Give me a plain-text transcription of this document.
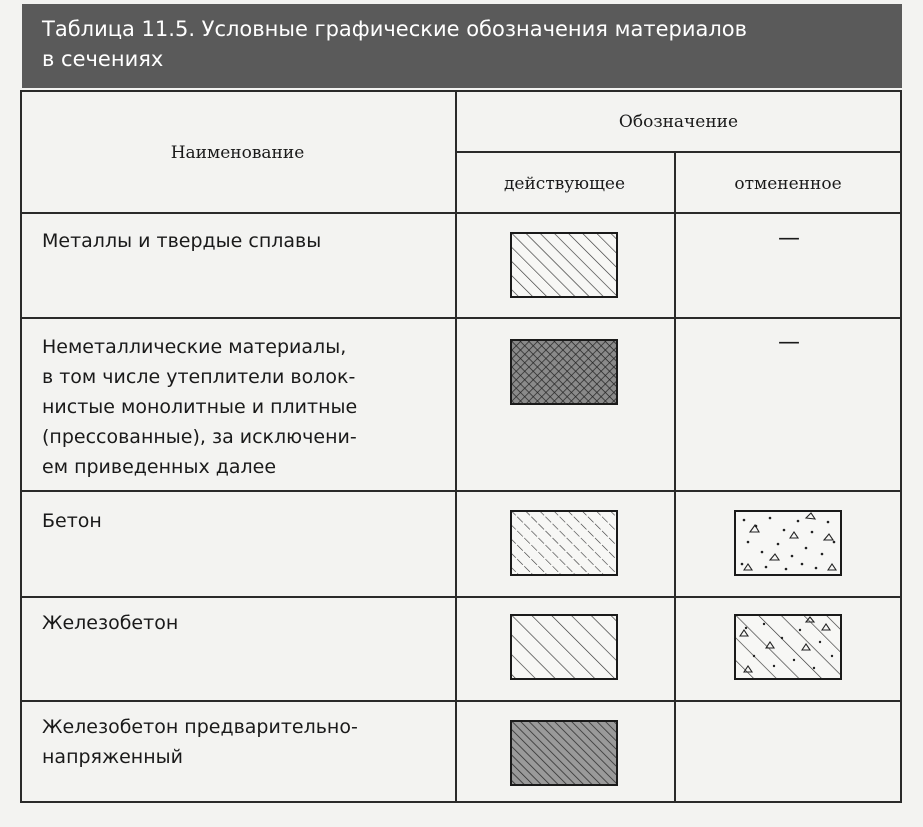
Таблица 11.5. Условные графические обозначения материалов
в сечениях
Наименование
Обозначение
действующее	отмененное
Металлы и твердые сплавы	—
Неметаллические материалы,
в том числе утеплители волок-
нистые монолитные и плитные
(прессованные), за исключени-
ем приведенных далее
—
Бетон
Железобетон
Железобетон предварительно-
напряженный
